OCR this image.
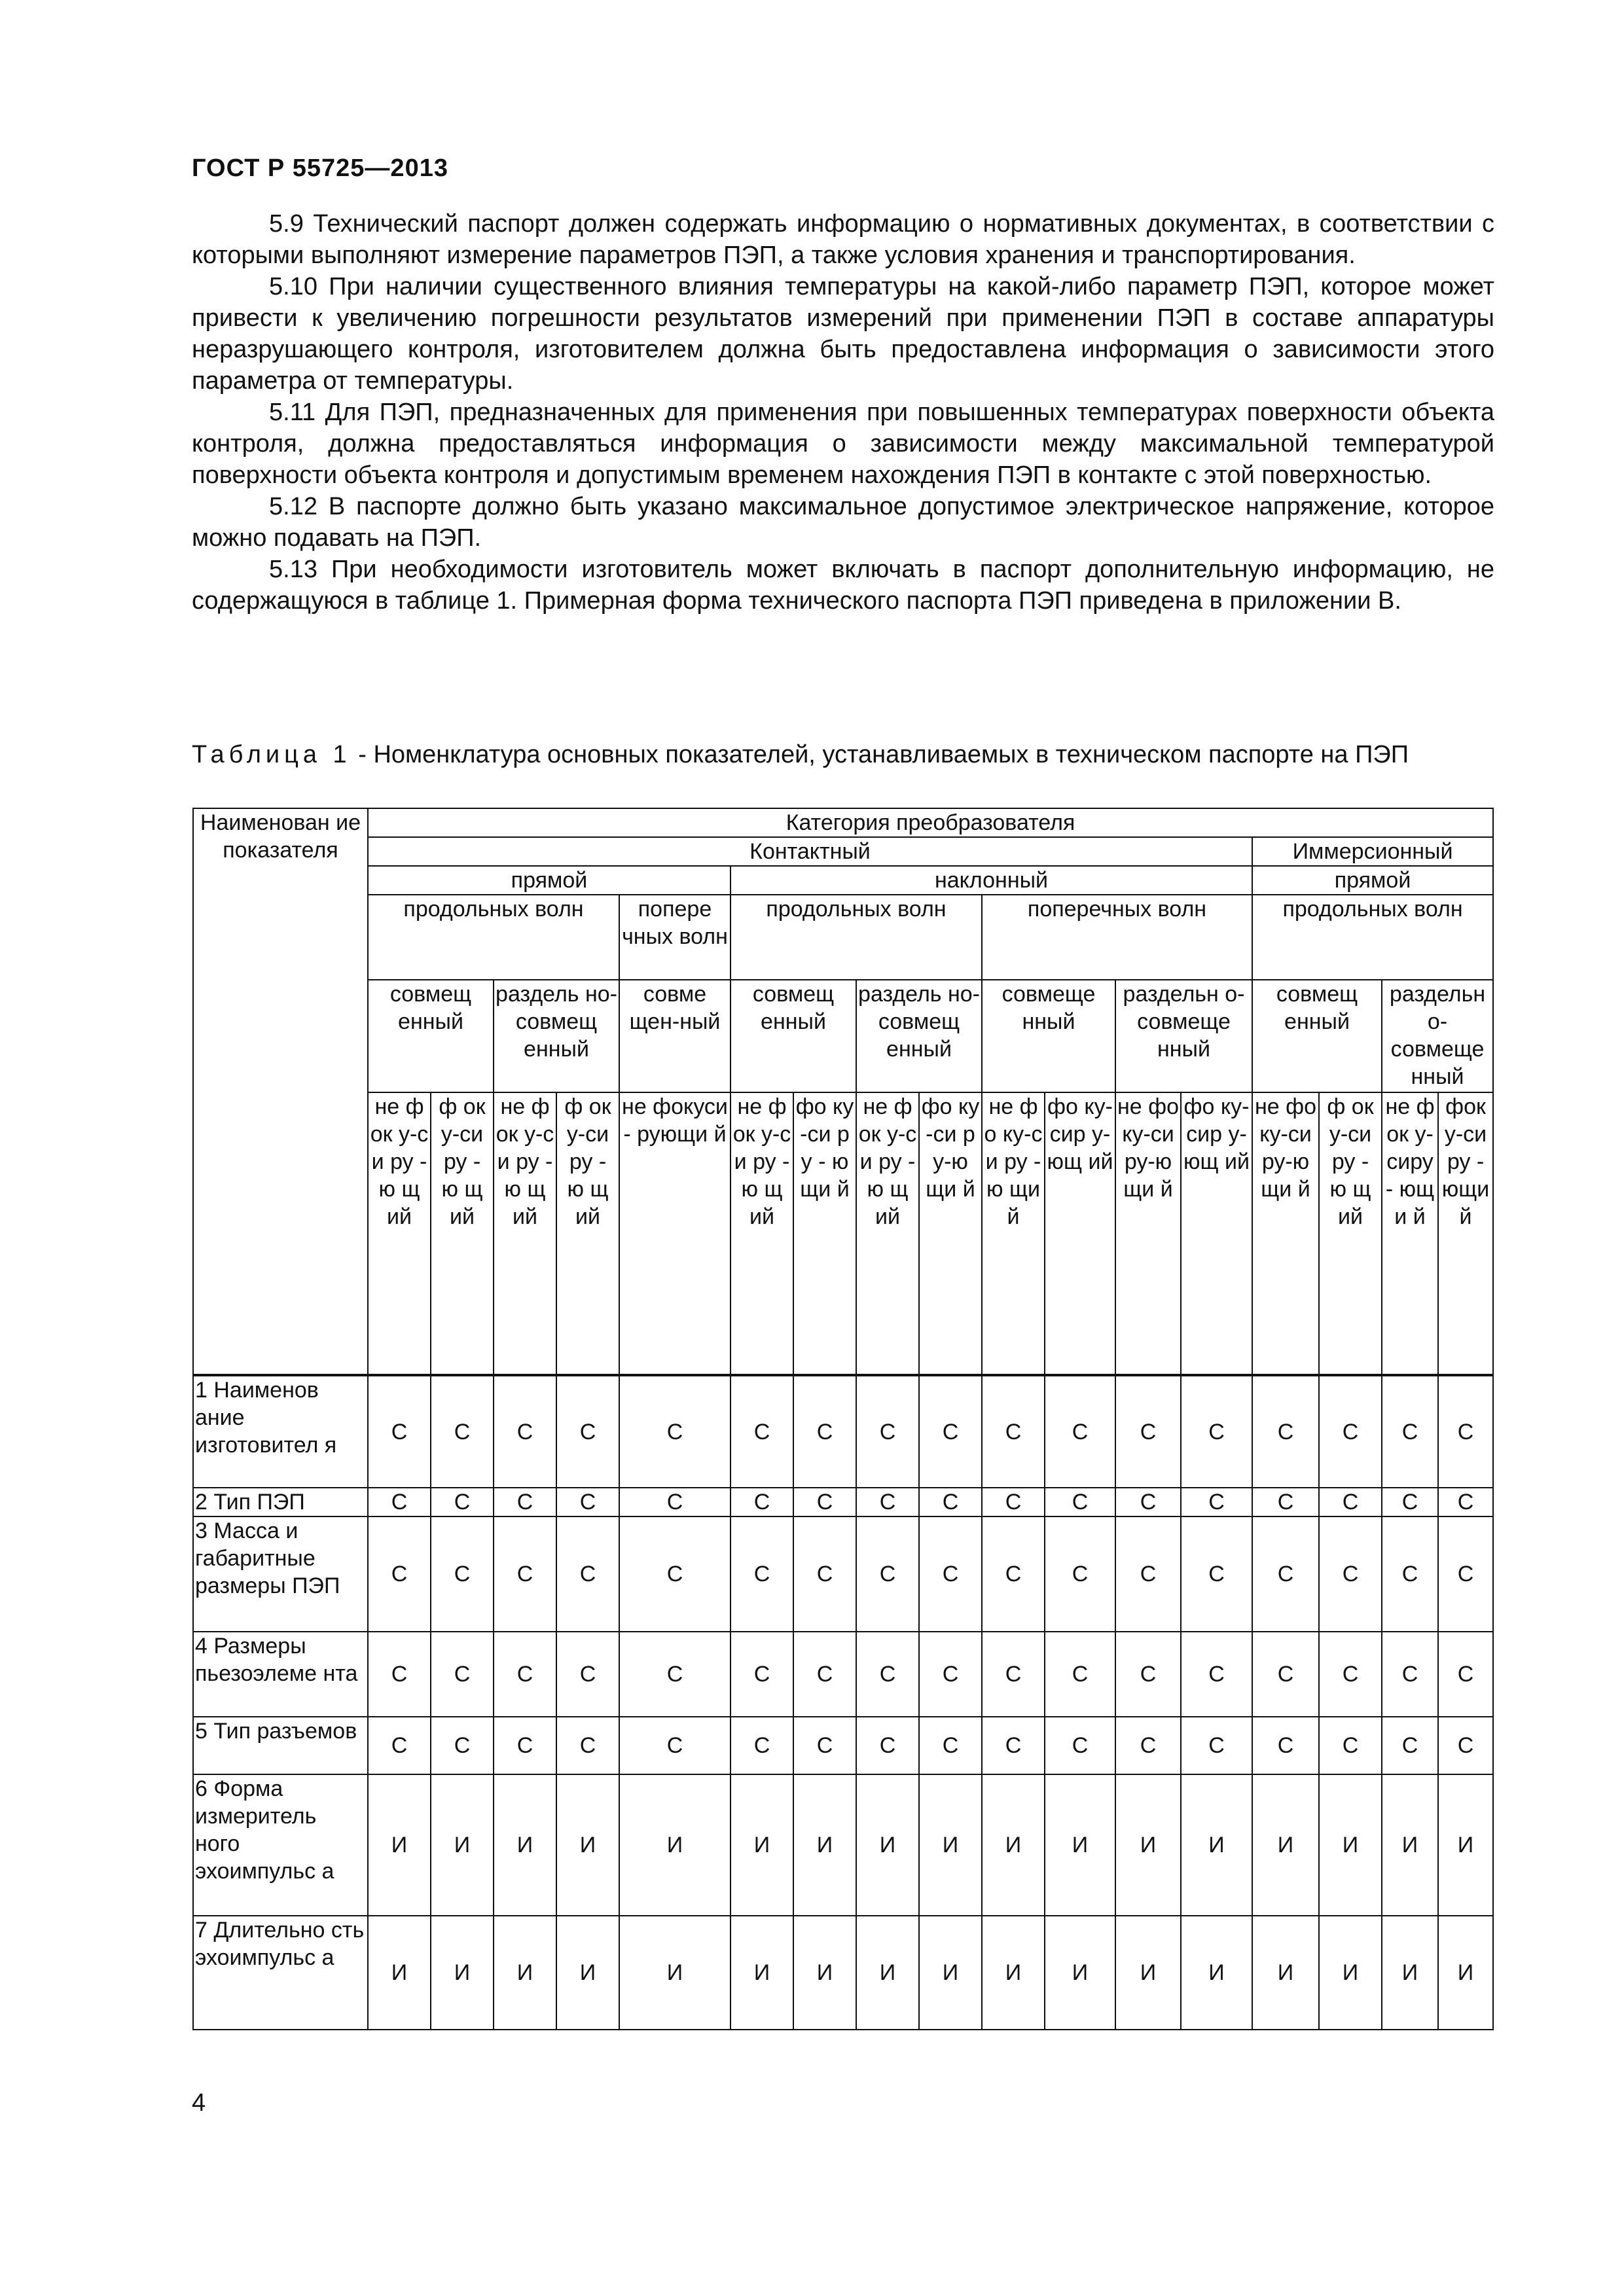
ГОСТ Р 55725—2013

5.9 Технический паспорт должен содержать информацию о нормативных документах, в соответствии с которыми выполняют измерение параметров ПЭП, а также условия хранения и транспортирования.

5.10 При наличии существенного влияния температуры на какой-либо параметр ПЭП, которое может привести к увеличению погрешности результатов измерений при применении ПЭП в составе аппаратуры неразрушающего контроля, изготовителем должна быть предоставлена информация о зависимости этого параметра от температуры.

5.11 Для ПЭП, предназначенных для применения при повышенных температурах поверхности объекта контроля, должна предоставляться информация о зависимости между максимальной температурой поверхности объекта контроля и допустимым временем нахождения ПЭП в контакте с этой поверхностью.

5.12 В паспорте должно быть указано максимальное допустимое электрическое напряжение, которое можно подавать на ПЭП.

5.13 При необходимости изготовитель может включать в паспорт дополнительную информацию, не содержащуюся в таблице 1. Примерная форма технического паспорта ПЭП приведена в приложении В.

Таблица 1 - Номенклатура основных показателей, устанавливаемых в техническом паспорте на ПЭП
Наименован ие показателя	Категория преобразователя																
	Контактный													Иммерсионный			
	прямой					наклонный								прямой			
	продольных волн				попере чных волн	продольных волн				поперечных волн				продольных волн			
	совмещ енный		раздель но-совмещ енный		совме щен-ный	совмещ енный		раздель но-совмещ енный		совмеще нный		раздельн о-совмеще нный		совмещ енный		раздельн о-совмеще нный	
	не ф ок у-си ру - ю щ ий	ф ок у-си ру - ю щ ий	не ф ок у-си ру - ю щ ий	ф ок у-си ру - ю щ ий	не фокуси - рующи й	не ф ок у-си ру - ю щ ий	фо ку-си ру - ю щи й	не ф ок у-си ру - ю щ ий	фо ку-си ру-ю щи й	не фо ку-си ру - ю щи й	фо ку-сир у-ющ ий	не фо ку-си ру-ю щи й	фо ку-сир у-ющ ий	не фо ку-си ру-ю щи й	ф ок у-си ру - ю щ ий	не фок у-сиру - ющи й	фок у-сиру - ющи й
1 Наименов ание изготовител я	С	С	С	С	С	С	С	С	С	С	С	С	С	С	С	С	С
2 Тип ПЭП	С	С	С	С	С	С	С	С	С	С	С	С	С	С	С	С	С
3 Масса и габаритные размеры ПЭП	С	С	С	С	С	С	С	С	С	С	С	С	С	С	С	С	С
4 Размеры пьезоэлеме нта	С	С	С	С	С	С	С	С	С	С	С	С	С	С	С	С	С
5 Тип разъемов	С	С	С	С	С	С	С	С	С	С	С	С	С	С	С	С	С
6 Форма измеритель ного эхоимпульс а	И	И	И	И	И	И	И	И	И	И	И	И	И	И	И	И	И
7 Длительно сть эхоимпульс а	И	И	И	И	И	И	И	И	И	И	И	И	И	И	И	И	И
4
